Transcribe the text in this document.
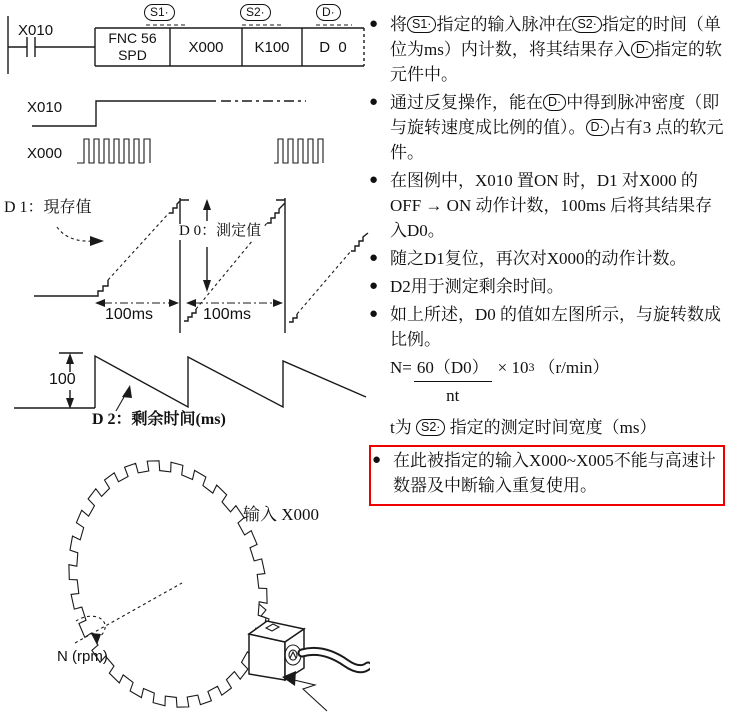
X010	FNC 56
SPD	X000	K100	D  0
S1·	S2·	D·
X010
X000
D 1：現存值
D 0：測定值
100ms	100ms
100
D 2：剩余时间(ms)
输入 X000
N (rpm)
● 将 S1· 指定的输入脉冲在 S2· 指定的时间（单位为ms）内计数，将其结果存入 D· 指定的软元件中。
● 通过反复操作，能在 D· 中得到脉冲密度（即与旋转速度成比例的值）。 D· 占有3 点的软元件。
● 在图例中，X010 置ON 时，D1 对X000 的OFF → ON 动作计数，100ms 后将其结果存入D0。
● 随之D1复位，再次对X000的动作计数。
● D2用于测定剩余时间。
● 如上所述，D0 的值如左图所示，与旋转数成比例。
$N= \frac{60(D0)}{nt} \times 10$ 3 （r/min）
t为 S2· 指定的测定时间宽度（ms）
● 在此被指定的输入X000~X005不能与高速计数器及中断输入重复使用。
